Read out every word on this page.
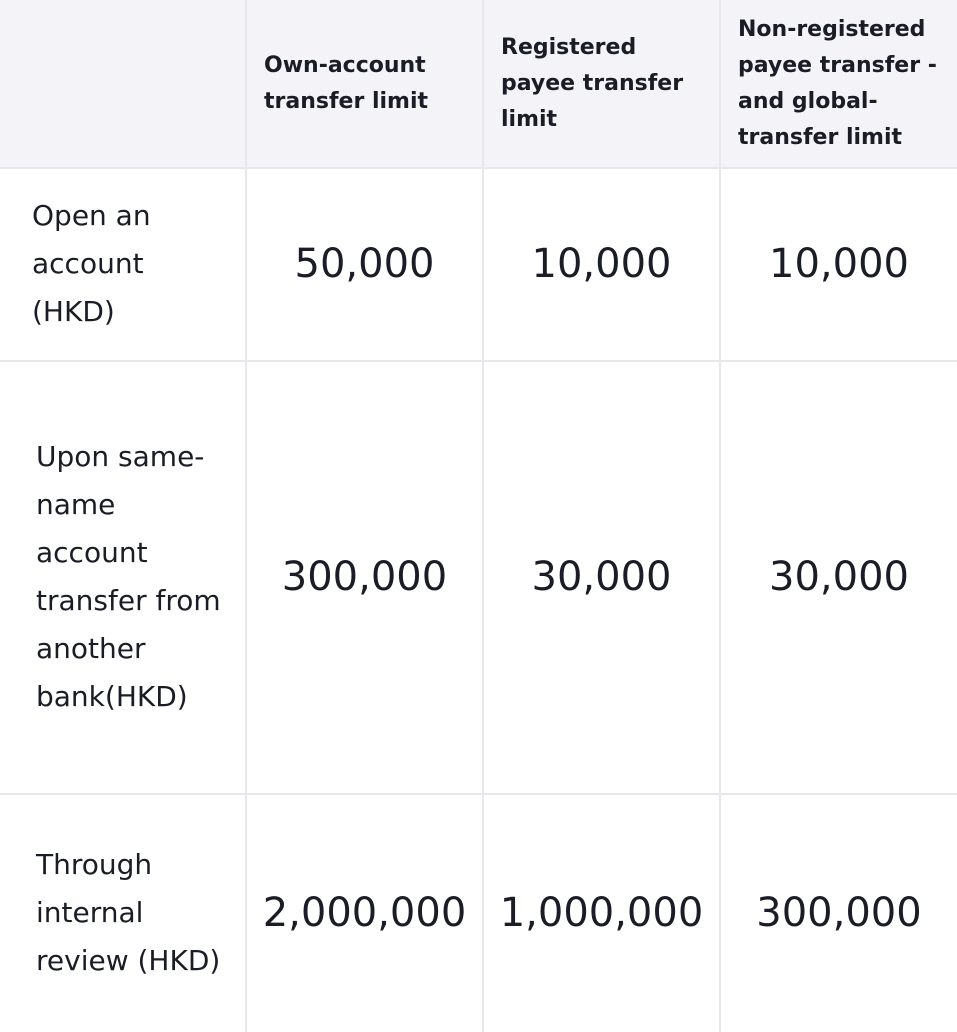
	Own-account transfer limit	Registered payee transfer limit	Non-registered payee transfer - and global-transfer limit
Open an account (HKD)	50,000	10,000	10,000
Upon same-name account transfer from another bank(HKD)	300,000	30,000	30,000
Through internal review (HKD)	2,000,000	1,000,000	300,000
